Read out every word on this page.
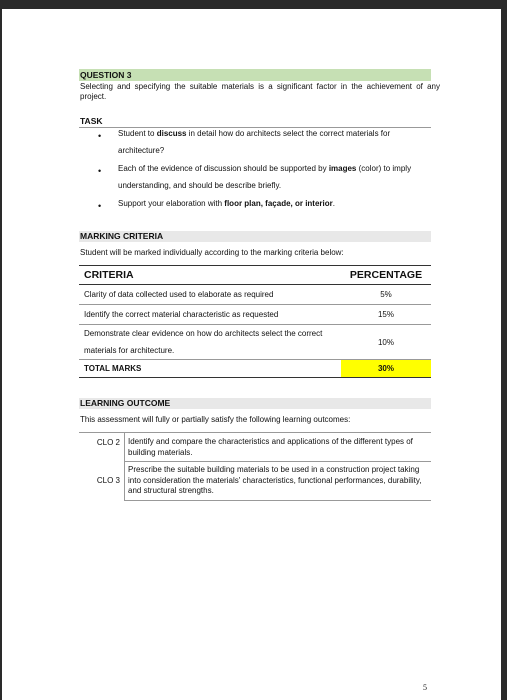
QUESTION 3
Selecting and specifying the suitable materials is a significant factor in the achievement of any project.
TASK
• Student to discuss in detail how do architects select the correct materials for architecture?
• Each of the evidence of discussion should be supported by images (color) to imply understanding, and should be describe briefly.
• Support your elaboration with floor plan, façade, or interior.
MARKING CRITERIA
Student will be marked individually according to the marking criteria below:
CRITERIA	PERCENTAGE
Clarity of data collected used to elaborate as required	5%
Identify the correct material characteristic as requested	15%
Demonstrate clear evidence on how do architects select the correct materials for architecture.	10%
TOTAL MARKS	30%
LEARNING OUTCOME
This assessment will fully or partially satisfy the following learning outcomes:
CLO 2	Identify and compare the characteristics and applications of the different types of building materials.
CLO 3	Prescribe the suitable building materials to be used in a construction project taking into consideration the materials' characteristics, functional performances, durability, and structural strengths.
5
